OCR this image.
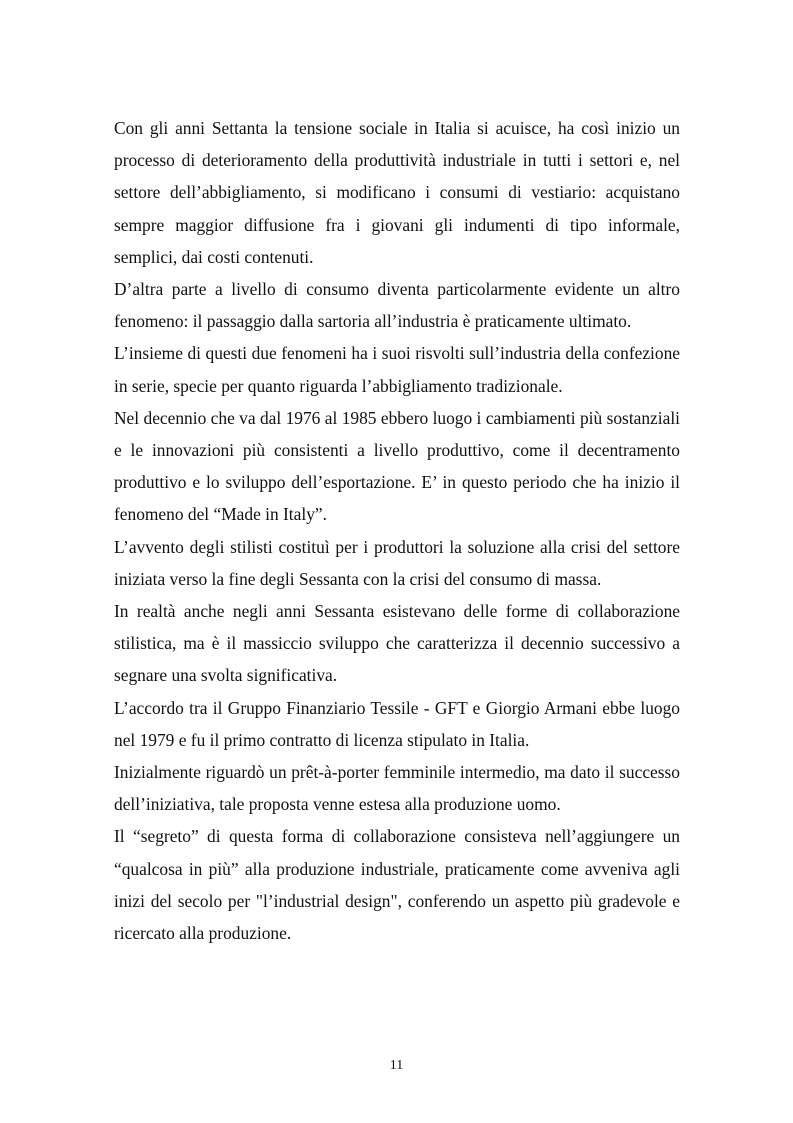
Con gli anni Settanta la tensione sociale in Italia si acuisce, ha così inizio un processo di deterioramento della produttività industriale in tutti i settori e, nel settore dell’abbigliamento, si modificano i consumi di vestiario: acquistano sempre maggior diffusione fra i giovani gli indumenti di tipo informale, semplici, dai costi contenuti.

D’altra parte a livello di consumo diventa particolarmente evidente un altro fenomeno: il passaggio dalla sartoria all’industria è praticamente ultimato.

L’insieme di questi due fenomeni ha i suoi risvolti sull’industria della confezione in serie, specie per quanto riguarda l’abbigliamento tradizionale.

Nel decennio che va dal 1976 al 1985 ebbero luogo i cambiamenti più sostanziali e le innovazioni più consistenti a livello produttivo, come il decentramento produttivo e lo sviluppo dell’esportazione. E’ in questo periodo che ha inizio il fenomeno del “Made in Italy”.

L’avvento degli stilisti costituì per i produttori la soluzione alla crisi del settore iniziata verso la fine degli Sessanta con la crisi del consumo di massa.

In realtà anche negli anni Sessanta esistevano delle forme di collaborazione stilistica, ma è il massiccio sviluppo che caratterizza il decennio successivo a segnare una svolta significativa.

L’accordo tra il Gruppo Finanziario Tessile - GFT e Giorgio Armani ebbe luogo nel 1979 e fu il primo contratto di licenza stipulato in Italia.

Inizialmente riguardò un prêt-à-porter femminile intermedio, ma dato il successo dell’iniziativa, tale proposta venne estesa alla produzione uomo.

Il “segreto” di questa forma di collaborazione consisteva nell’aggiungere un “qualcosa in più” alla produzione industriale, praticamente come avveniva agli inizi del secolo per "l’industrial design", conferendo un aspetto più gradevole e ricercato alla produzione.

11
